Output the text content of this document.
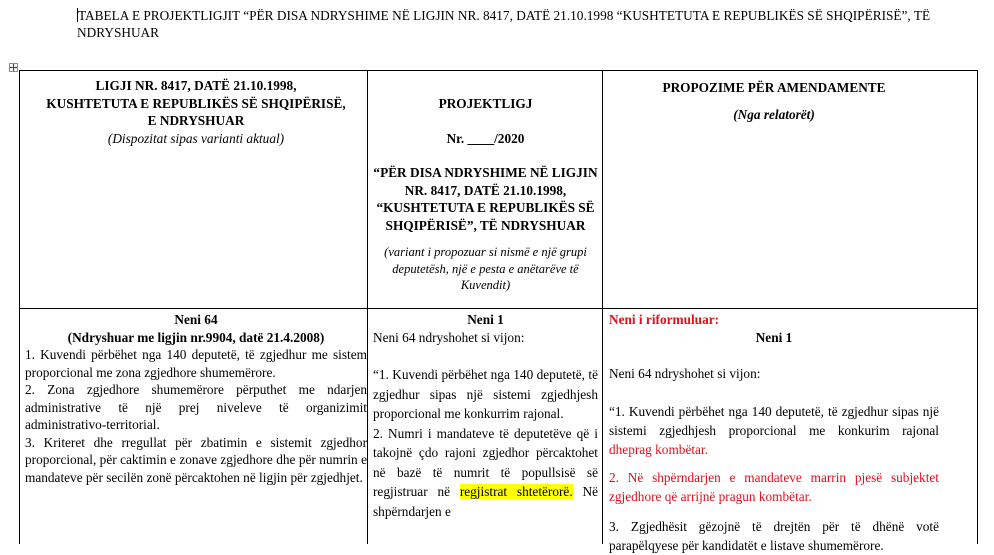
TABELA E PROJEKTLIGJIT “PËR DISA NDRYSHIME NË LIGJIN NR. 8417, DATË 21.10.1998 “KUSHTETUTA E REPUBLIKËS SË SHQIPËRISË”, TË NDRYSHUAR

LIGJI NR. 8417, DATË 21.10.1998,

KUSHTETUTA E REPUBLIKËS SË SHQIPËRISË,

E NDRYSHUAR

(Dispozitat sipas varianti aktual)

PROJEKTLIGJ

Nr. ____/2020

“PËR DISA NDRYSHIME NË LIGJIN NR. 8417, DATË 21.10.1998, “KUSHTETUTA E REPUBLIKËS SË SHQIPËRISË”, TË NDRYSHUAR

(variant i propozuar si nismë e një grupi deputetësh, një e pesta e anëtarëve të Kuvendit)

PROPOZIME PËR AMENDAMENTE

(Nga relatorët)

Neni 64

(Ndryshuar me ligjin nr.9904, datë 21.4.2008)

1. Kuvendi përbëhet nga 140 deputetë, të zgjedhur me sistem proporcional me zona zgjedhore shumemërore.

2. Zona zgjedhore shumemërore përputhet me ndarjen administrative të një prej niveleve të organizimit administrativo-territorial.

3. Kriteret dhe rregullat për zbatimin e sistemit zgjedhor proporcional, për caktimin e zonave zgjedhore dhe për numrin e mandateve për secilën zonë përcaktohen në ligjin për zgjedhjet.

Neni 1

Neni 64 ndryshohet si vijon:

“1. Kuvendi përbëhet nga 140 deputetë, të zgjedhur sipas një sistemi zgjedhjesh proporcional me konkurrim rajonal.

2. Numri i mandateve të deputetëve që i takojnë çdo rajoni zgjedhor përcaktohet në bazë të numrit të popullsisë së regjistruar në regjistrat shtetërorë. Në shpërndarjen e

Neni i riformuluar:

Neni 1

Neni 64 ndryshohet si vijon:

“1. Kuvendi përbëhet nga 140 deputetë, të zgjedhur sipas një sistemi zgjedhjesh proporcional me konkurim rajonal dheprag kombëtar.

2. Në shpërndarjen e mandateve marrin pjesë subjektet zgjedhore që arrijnë pragun kombëtar.

3. Zgjedhësit gëzojnë të drejtën për të dhënë votë parapëlqyese për kandidatët e listave shumemërore.
